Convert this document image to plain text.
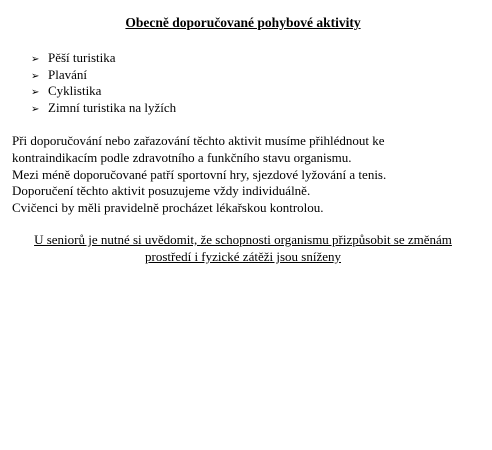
Obecně doporučované pohybové aktivity
➢ Pěší turistika
➢ Plavání
➢ Cyklistika
➢ Zimní turistika na lyžích
Při doporučování nebo zařazování těchto aktivit musíme přihlédnout ke
kontraindikacím podle zdravotního a funkčního stavu organismu.
Mezi méně doporučované patří sportovní hry, sjezdové lyžování a tenis.
Doporučení těchto aktivit posuzujeme vždy individuálně.
Cvičenci by měli pravidelně procházet lékařskou kontrolou.
U seniorů je nutné si uvědomit, že schopnosti organismu přizpůsobit se změnám
prostředí i fyzické zátěži jsou sníženy
